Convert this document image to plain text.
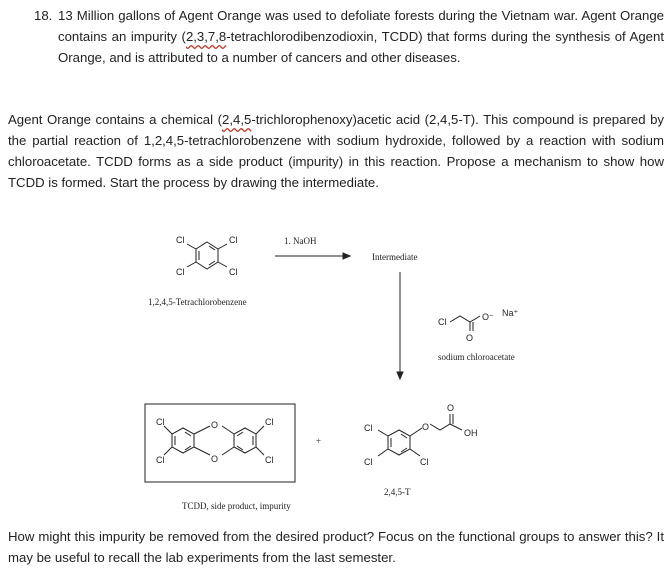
18. 13 Million gallons of Agent Orange was used to defoliate forests during the Vietnam war. Agent Orange contains an impurity (2,3,7,8-tetrachlorodibenzodioxin, TCDD) that forms during the synthesis of Agent Orange, and is attributed to a number of cancers and other diseases.

Agent Orange contains a chemical (2,4,5-trichlorophenoxy)acetic acid (2,4,5-T). This compound is prepared by the partial reaction of 1,2,4,5-tetrachlorobenzene with sodium hydroxide, followed by a reaction with sodium chloroacetate. TCDD forms as a side product (impurity) in this reaction. Propose a mechanism to show how TCDD is formed. Start the process by drawing the intermediate.

Cl	Cl
Cl	Cl
Cl	O⁻ Na⁺
O
Cl
Cl
Cl
Cl
O
O
Cl
Cl	Cl
O
O
OH
1. NaOH
Intermediate
1,2,4,5-Tetrachlorobenzene
sodium chloroacetate
+
2,4,5-T
TCDD, side product, impurity

How might this impurity be removed from the desired product? Focus on the functional groups to answer this? It may be useful to recall the lab experiments from the last semester.
